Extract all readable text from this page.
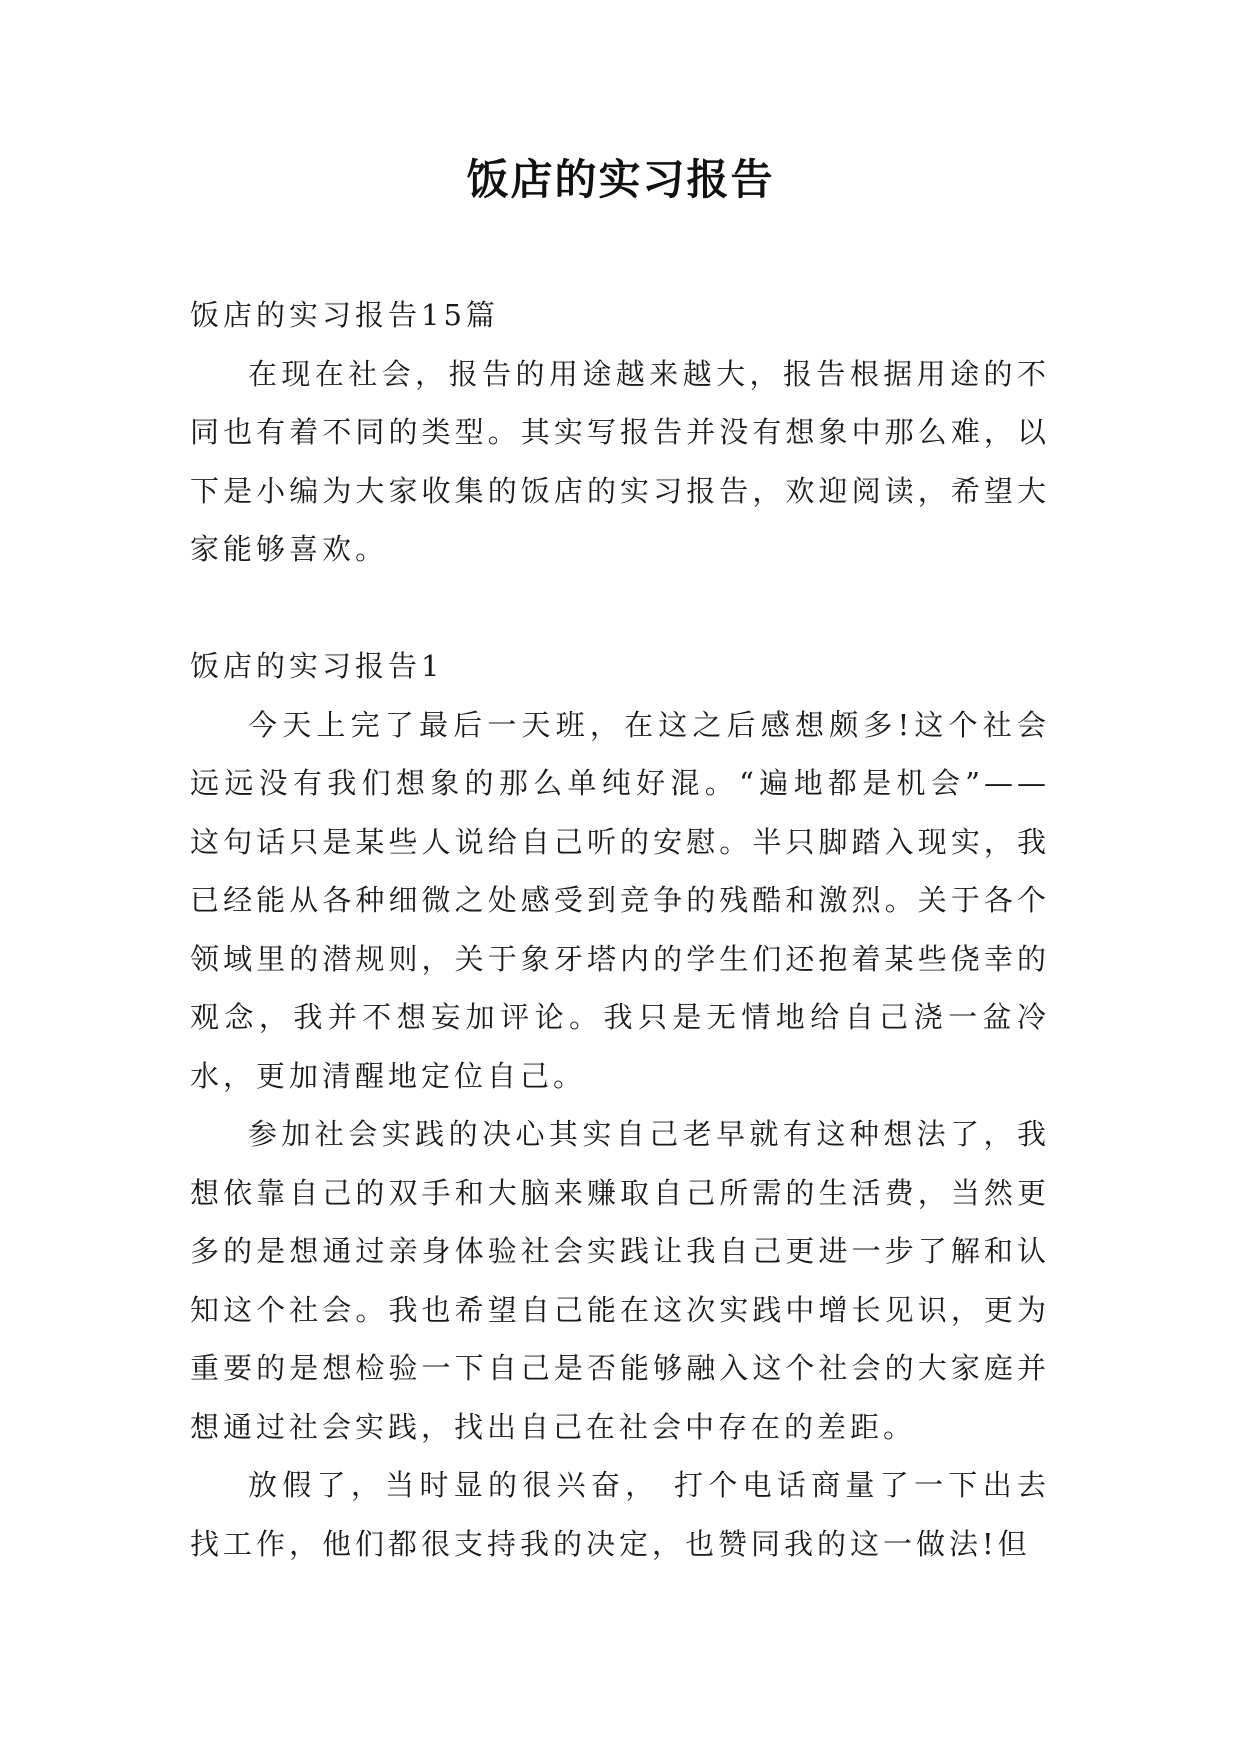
饭店的实习报告

饭店的实习报告15篇

在现在社会，报告的用途越来越大，报告根据用途的不同也有着不同的类型。其实写报告并没有想象中那么难，以下是小编为大家收集的饭店的实习报告，欢迎阅读，希望大家能够喜欢。

饭店的实习报告1

今天上完了最后一天班，在这之后感想颇多!这个社会远远没有我们想象的那么单纯好混。“遍地都是机会”——这句话只是某些人说给自己听的安慰。半只脚踏入现实，我已经能从各种细微之处感受到竞争的残酷和激烈。关于各个领域里的潜规则，关于象牙塔内的学生们还抱着某些侥幸的观念，我并不想妄加评论。我只是无情地给自己浇一盆冷水，更加清醒地定位自己。

参加社会实践的决心其实自己老早就有这种想法了，我想依靠自己的双手和大脑来赚取自己所需的生活费，当然更多的是想通过亲身体验社会实践让我自己更进一步了解和认知这个社会。我也希望自己能在这次实践中增长见识，更为重要的是想检验一下自己是否能够融入这个社会的大家庭并想通过社会实践，找出自己在社会中存在的差距。

放假了，当时显的很兴奋， 打个电话商量了一下出去找工作，他们都很支持我的决定，也赞同我的这一做法!但
